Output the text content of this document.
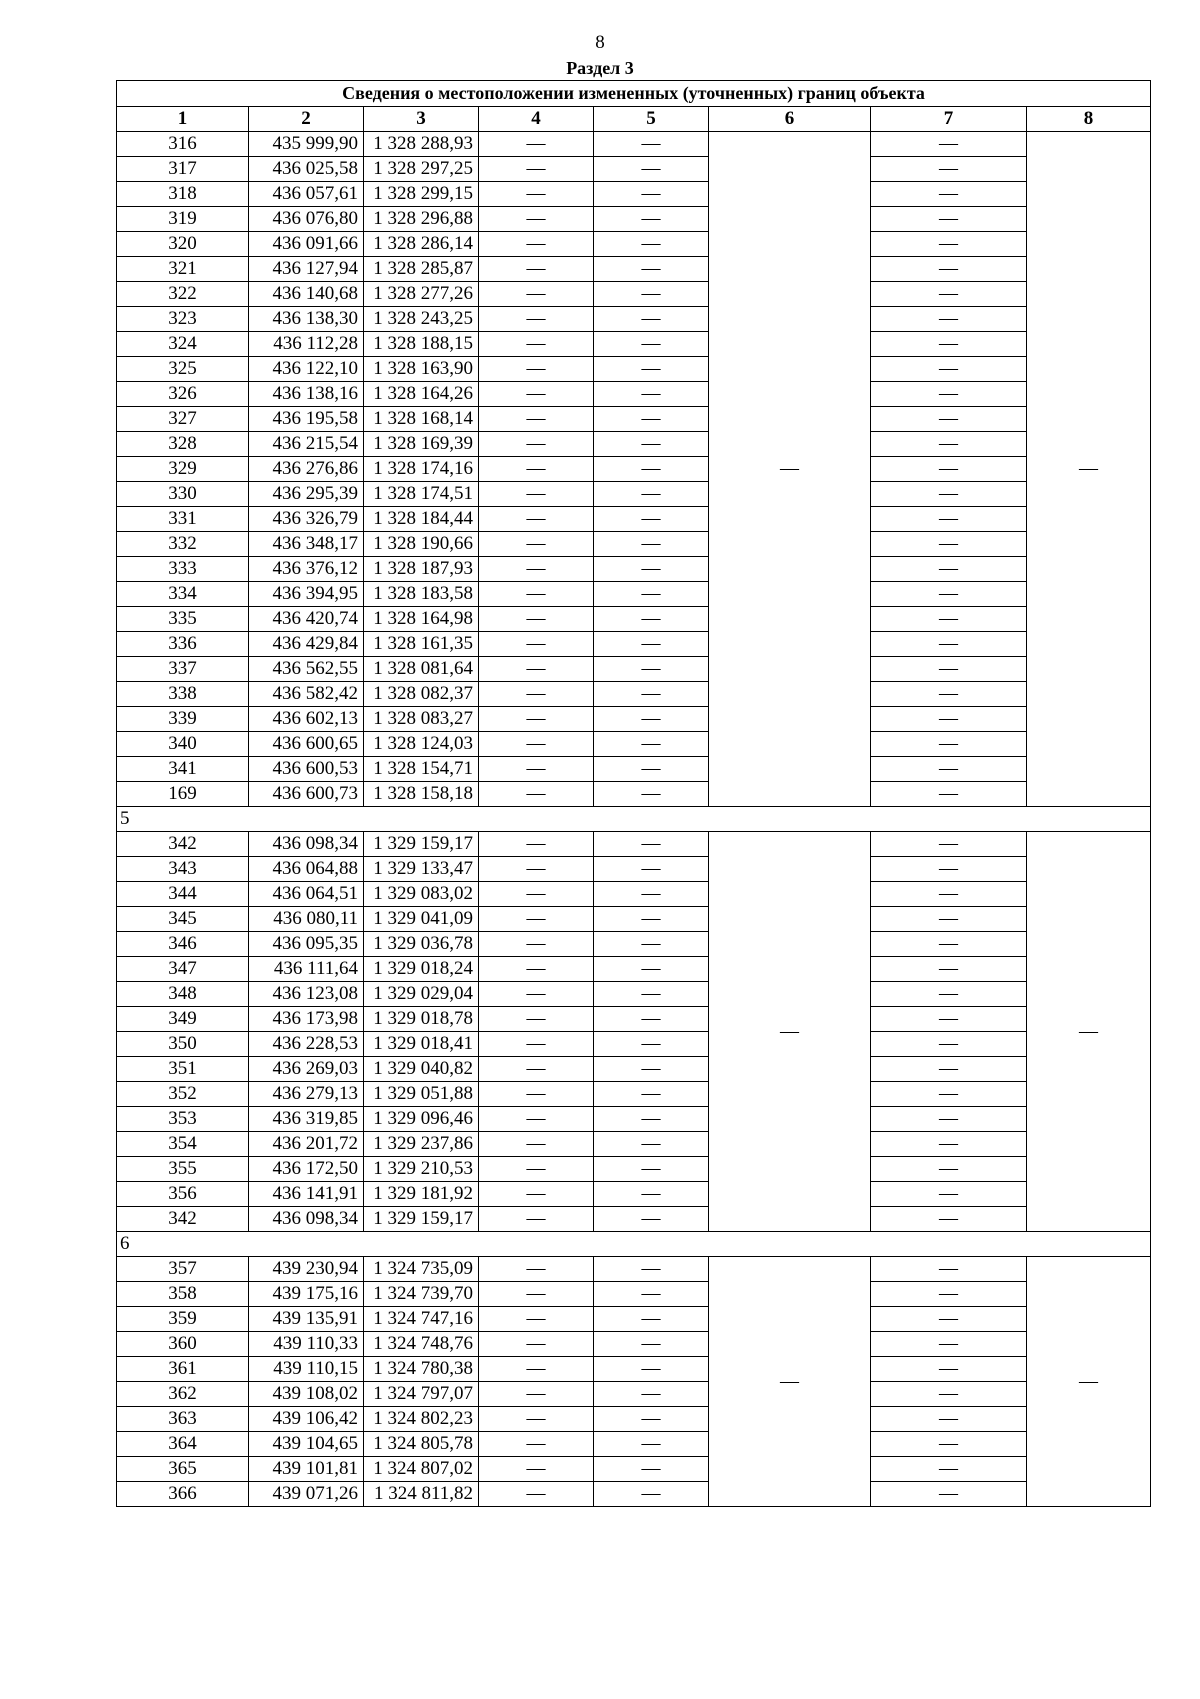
8
Раздел 3
Сведения о местоположении измененных (уточненных) границ объекта							
1	2	3	4	5	6	7	8
316	435 999,90	1 328 288,93	—	—	—	—	—
317	436 025,58	1 328 297,25	—	—		—	
318	436 057,61	1 328 299,15	—	—		—	
319	436 076,80	1 328 296,88	—	—		—	
320	436 091,66	1 328 286,14	—	—		—	
321	436 127,94	1 328 285,87	—	—		—	
322	436 140,68	1 328 277,26	—	—		—	
323	436 138,30	1 328 243,25	—	—		—	
324	436 112,28	1 328 188,15	—	—		—	
325	436 122,10	1 328 163,90	—	—		—	
326	436 138,16	1 328 164,26	—	—		—	
327	436 195,58	1 328 168,14	—	—		—	
328	436 215,54	1 328 169,39	—	—		—	
329	436 276,86	1 328 174,16	—	—		—	
330	436 295,39	1 328 174,51	—	—		—	
331	436 326,79	1 328 184,44	—	—		—	
332	436 348,17	1 328 190,66	—	—		—	
333	436 376,12	1 328 187,93	—	—		—	
334	436 394,95	1 328 183,58	—	—		—	
335	436 420,74	1 328 164,98	—	—		—	
336	436 429,84	1 328 161,35	—	—		—	
337	436 562,55	1 328 081,64	—	—		—	
338	436 582,42	1 328 082,37	—	—		—	
339	436 602,13	1 328 083,27	—	—		—	
340	436 600,65	1 328 124,03	—	—		—	
341	436 600,53	1 328 154,71	—	—		—	
169	436 600,73	1 328 158,18	—	—		—	
5							
342	436 098,34	1 329 159,17	—	—	—	—	—
343	436 064,88	1 329 133,47	—	—		—	
344	436 064,51	1 329 083,02	—	—		—	
345	436 080,11	1 329 041,09	—	—		—	
346	436 095,35	1 329 036,78	—	—		—	
347	436 111,64	1 329 018,24	—	—		—	
348	436 123,08	1 329 029,04	—	—		—	
349	436 173,98	1 329 018,78	—	—		—	
350	436 228,53	1 329 018,41	—	—		—	
351	436 269,03	1 329 040,82	—	—		—	
352	436 279,13	1 329 051,88	—	—		—	
353	436 319,85	1 329 096,46	—	—		—	
354	436 201,72	1 329 237,86	—	—		—	
355	436 172,50	1 329 210,53	—	—		—	
356	436 141,91	1 329 181,92	—	—		—	
342	436 098,34	1 329 159,17	—	—		—	
6							
357	439 230,94	1 324 735,09	—	—	—	—	—
358	439 175,16	1 324 739,70	—	—		—	
359	439 135,91	1 324 747,16	—	—		—	
360	439 110,33	1 324 748,76	—	—		—	
361	439 110,15	1 324 780,38	—	—		—	
362	439 108,02	1 324 797,07	—	—		—	
363	439 106,42	1 324 802,23	—	—		—	
364	439 104,65	1 324 805,78	—	—		—	
365	439 101,81	1 324 807,02	—	—		—	
366	439 071,26	1 324 811,82	—	—		—	
